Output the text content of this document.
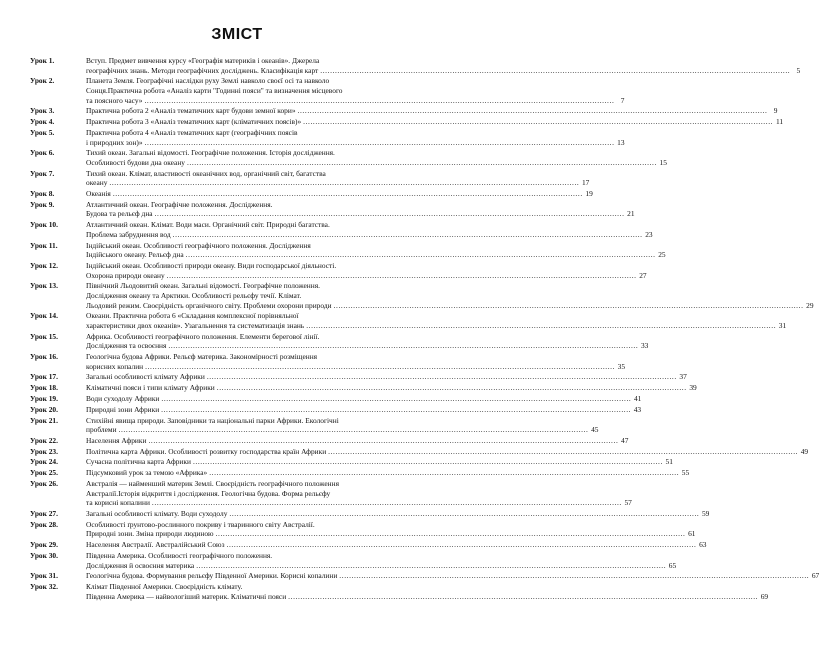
ЗМІСТ
Урок 1.	Вступ. Предмет вивчення курсу «Географія материків і океанів». Джерела
географічних знань. Методи географічних досліджень. Класифікація карт .....	5
Урок 2.	Планета Земля. Географічні наслідки руху Землі навколо своєї осі та навколо
Сонця.Практична робота «Аналіз карти "Годинні пояси" та визначення місцевого
та поясного часу» .....	7
Урок 3.	Практична робота 2 «Аналіз тематичних карт будови земної кори» .....	9
Урок 4.	Практична робота 3 «Аналіз тематичних карт (кліматичних поясів)» .....	11
Урок 5.	Практична робота 4 «Аналіз тематичних карт (географічних поясів
і природних зон)» .....	13
Урок 6.	Тихий океан. Загальні відомості. Географічне положення. Історія дослідження.
Особливості будови дна океану .....	15
Урок 7.	Тихий океан. Клімат, властивості океанічних вод, органічний світ, багатства
океану .....	17
Урок 8.	Океанія .....	19
Урок 9.	Атлантичний океан. Географічне положення. Дослідження.
Будова та рельєф дна .....	21
Урок 10.	Атлантичний океан. Клімат. Води маси. Органічний світ. Природні багатства.
Проблема забруднення вод .....	23
Урок 11.	Індійський океан. Особливості географічного положення. Дослідження
Індійського океану. Рельєф дна .....	25
Урок 12.	Індійський океан. Особливості природи океану. Види господарської діяльності.
Охорона природи океану .....	27
Урок 13.	Північний Льодовитий океан. Загальні відомості. Географічне положення.
Дослідження океану та Арктики. Особливості рельєфу течії. Клімат.
Льодовий режим. Своєрідність органічного світу. Проблеми охорони природи .....	29
Урок 14.	Океани. Практична робота 6 «Складання комплексної порівняльної
характеристики двох океанів». Узагальнення та систематизація знань .....	31
Урок 15.	Африка. Особливості географічного положення. Елементи берегової лінії.
Дослідження та освоєння .....	33
Урок 16.	Геологічна будова Африки. Рельєф материка. Закономірності розміщення
корисних копалин .....	35
Урок 17.	Загальні особливості клімату Африки .....	37
Урок 18.	Кліматичні пояси і типи клімату Африки .....	39
Урок 19.	Води суходолу Африки .....	41
Урок 20.	Природні зони Африки .....	43
Урок 21.	Стихійні явища природи. Заповідники та національні парки Африки. Екологічні
проблеми .....	45
Урок 22.	Населення Африки .....	47
Урок 23.	Політична карта Африки. Особливості розвитку господарства країн Африки .....	49
Урок 24.	Сучасна політична карта Африки .....	51
Урок 25.	Підсумковий урок за темою «Африка» .....	55
Урок 26.	Австралія — найменший материк Землі. Своєрідність географічного положення
Австралії.Історія відкриття і дослідження. Геологічна будова. Форма рельєфу
та корисні копалини .....	57
Урок 27.	Загальні особливості клімату. Води суходолу .....	59
Урок 28.	Особливості ґрунтово-рослинного покриву і тваринного світу Австралії.
Природні зони. Зміна природи людиною .....	61
Урок 29.	Населення Австралії. Австралійський Союз .....	63
Урок 30.	Південна Америка. Особливості географічного положення.
Дослідження й освоєння материка .....	65
Урок 31.	Геологічна будова. Формування рельєфу Південної Америки. Корисні копалини .....	67
Урок 32.	Клімат Південної Америки. Своєрідність клімату.
Південна Америка — найвологіший материк. Кліматичні пояси .....	69
